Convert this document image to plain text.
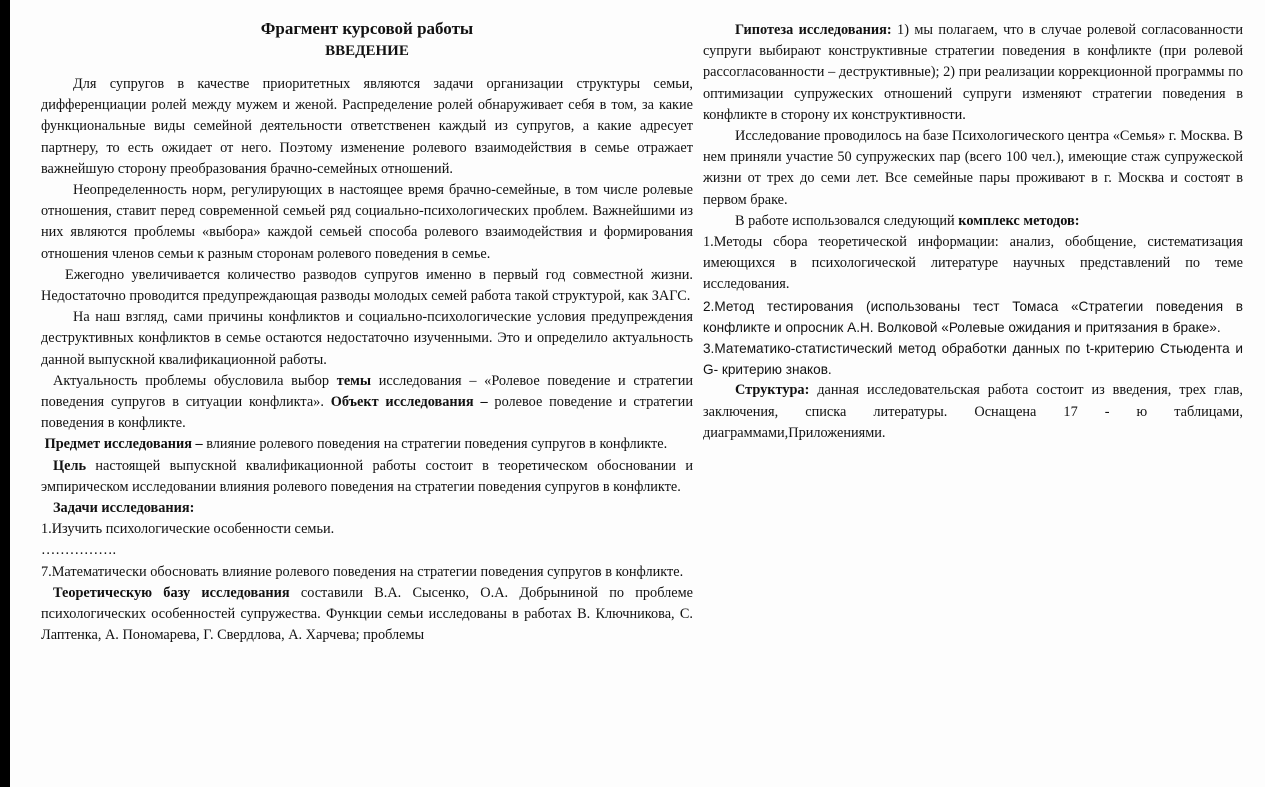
Фрагмент курсовой работы
ВВЕДЕНИЕ

Для супругов в качестве приоритетных являются задачи организации структуры семьи, дифференциации ролей между мужем и женой. Распределение ролей обнаруживает себя в том, за какие функциональные виды семейной деятельности ответственен каждый из супругов, а какие адресует партнеру, то есть ожидает от него. Поэтому изменение ролевого взаимодействия в семье отражает важнейшую сторону преобразования брачно-семейных отношений.

Неопределенность норм, регулирующих в настоящее время брачно-семейные, в том числе ролевые отношения, ставит перед современной семьей ряд социально-психологических проблем. Важнейшими из них являются проблемы «выбора» каждой семьей способа ролевого взаимодействия и формирования отношения членов семьи к разным сторонам ролевого поведения в семье.

Ежегодно увеличивается количество разводов супругов именно в первый год совместной жизни. Недостаточно проводится предупреждающая разводы молодых семей работа такой структурой, как ЗАГС.

На наш взгляд, сами причины конфликтов и социально-психологические условия предупреждения деструктивных конфликтов в семье остаются недостаточно изученными. Это и определило актуальность данной выпускной квалификационной работы.

Актуальность проблемы обусловила выбор темы исследования – «Ролевое поведение и стратегии поведения супругов в ситуации конфликта». Объект исследования – ролевое поведение и стратегии поведения в конфликте.

Предмет исследования – влияние ролевого поведения на стратегии поведения супругов в конфликте.

Цель настоящей выпускной квалификационной работы состоит в теоретическом обосновании и эмпирическом исследовании влияния ролевого поведения на стратегии поведения супругов в конфликте.

Задачи исследования:

1.Изучить психологические особенности семьи.

…………….

7.Математически обосновать влияние ролевого поведения на стратегии поведения супругов в конфликте.

Теоретическую базу исследования составили В.А. Сысенко, О.А. Добрыниной по проблеме психологических особенностей супружества. Функции семьи исследованы в работах В. Ключникова, С. Лаптенка, А. Пономарева, Г. Свердлова, А. Харчева; проблемы

Гипотеза исследования: 1) мы полагаем, что в случае ролевой согласованности супруги выбирают конструктивные стратегии поведения в конфликте (при ролевой рассогласованности – деструктивные); 2) при реализации коррекционной программы по оптимизации супружеских отношений супруги изменяют стратегии поведения в конфликте в сторону их конструктивности.

Исследование проводилось на базе Психологического центра «Семья» г. Москва. В нем приняли участие 50 супружеских пар (всего 100 чел.), имеющие стаж супружеской жизни от трех до семи лет. Все семейные пары проживают в г. Москва и состоят в первом браке.

В работе использовался следующий комплекс методов:

1.Методы сбора теоретической информации: анализ, обобщение, систематизация имеющихся в психологической литературе научных представлений по теме исследования.

2.Метод тестирования (использованы тест Томаса «Стратегии поведения в конфликте и опросник А.Н. Волковой «Ролевые ожидания и притязания в браке».

3.Математико-статистический метод обработки данных по t-критерию Стьюдента и G- критерию знаков.

Структура: данная исследовательская работа состоит из введения, трех глав, заключения, списка литературы. Оснащена 17 - ю таблицами, диаграммами,Приложениями.
